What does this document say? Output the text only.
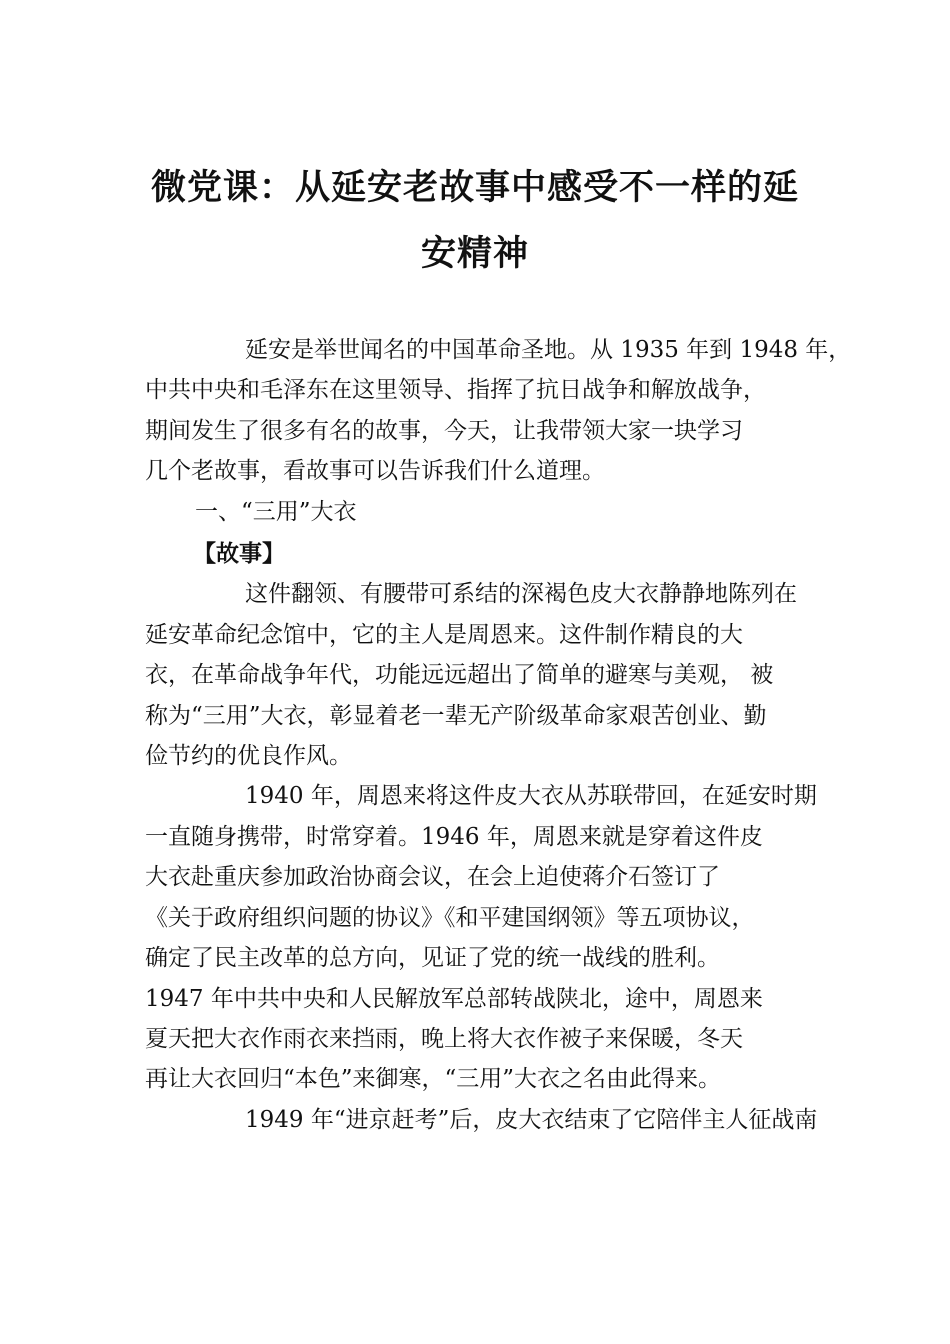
微党课：从延安老故事中感受不一样的延
安精神
延安是举世闻名的中国革命圣地。从 1935 年到 1948 年，
中共中央和毛泽东在这里领导、指挥了抗日战争和解放战争，
期间发生了很多有名的故事，今天，让我带领大家一块学习
几个老故事，看故事可以告诉我们什么道理。
一、“三用”大衣
【故事】
这件翻领、有腰带可系结的深褐色皮大衣静静地陈列在
延安革命纪念馆中，它的主人是周恩来。这件制作精良的大
衣，在革命战争年代，功能远远超出了简单的避寒与美观， 被
称为“三用”大衣，彰显着老一辈无产阶级革命家艰苦创业、勤
俭节约的优良作风。
1940 年，周恩来将这件皮大衣从苏联带回，在延安时期
一直随身携带，时常穿着。1946 年，周恩来就是穿着这件皮
大衣赴重庆参加政治协商会议，在会上迫使蒋介石签订了
《关于政府组织问题的协议》《和平建国纲领》等五项协议，
确定了民主改革的总方向，见证了党的统一战线的胜利。
1947 年中共中央和人民解放军总部转战陕北，途中，周恩来
夏天把大衣作雨衣来挡雨，晚上将大衣作被子来保暖，冬天
再让大衣回归“本色”来御寒，“三用”大衣之名由此得来。
1949 年“进京赶考”后，皮大衣结束了它陪伴主人征战南
